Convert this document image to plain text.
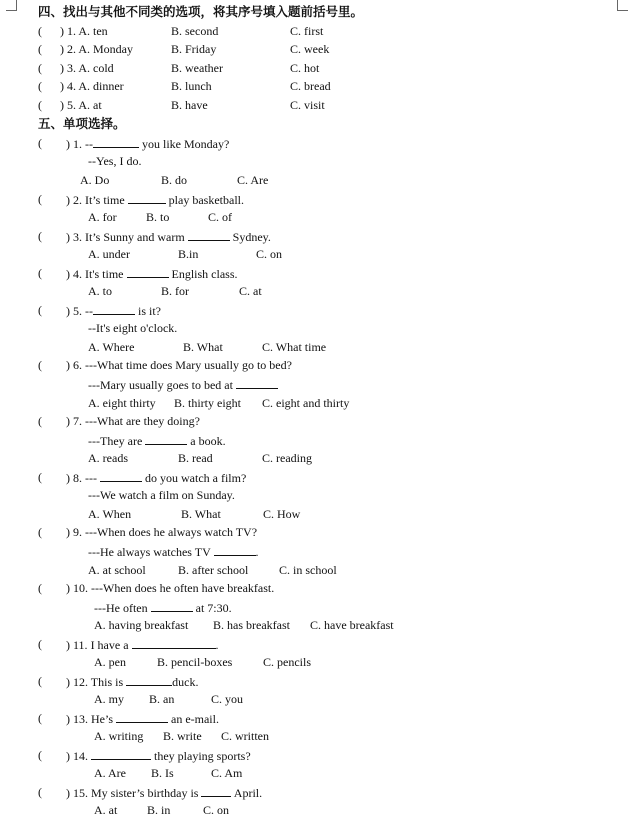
四、找出与其他不同类的选项，将其序号填入题前括号里。
(      ) 1. A. ten	B. second	C. first
(      ) 2. A. Monday	B. Friday	C. week
(      ) 3. A. cold	B. weather	C. hot
(      ) 4. A. dinner	B. lunch	C. bread
(      ) 5. A. at	B. have	C. visit
五、单项选择。
( ) 1. --	you like Monday?
--Yes, I do.
A. Do	B. do	C. Are
( ) 2. It’s time	play basketball.
A. for B. to	C. of
( ) 3. It’s Sunny and warm	Sydney.
A. under	B.in	C. on
( ) 4. It's time	English class.
A. to	B. for	C. at
( ) 5. --	is it?
--It's eight o'clock.
A. Where	B. What	C. What time
( ) 6. ---What time does Mary usually go to bed?
---Mary usually goes to bed at
A. eight thirty B. thirty eight C. eight and thirty
( ) 7. ---What are they doing?
---They are	a book.
A. reads	B. read	C. reading
( ) 8. ---	do you watch a film?
---We watch a film on Sunday.
A. When	B. What	C. How
( ) 9. ---When does he always watch TV?
---He always watches TV	.
A. at school	B. after school	C. in school
( ) 10. ---When does he often have breakfast.
---He often	at 7:30.
A. having breakfast B. has breakfast C. have breakfast
( ) 11. I have a	.
A. pen	B. pencil-boxes	C. pencils
( ) 12. This is	duck.
A. my B. an	C. you
( ) 13. He’s	an e-mail.
A. writing B. write C. written
( ) 14.	they playing sports?
A. Are B. Is	C. Am
( ) 15. My sister’s birthday is	April.
A. at B. in	C. on
